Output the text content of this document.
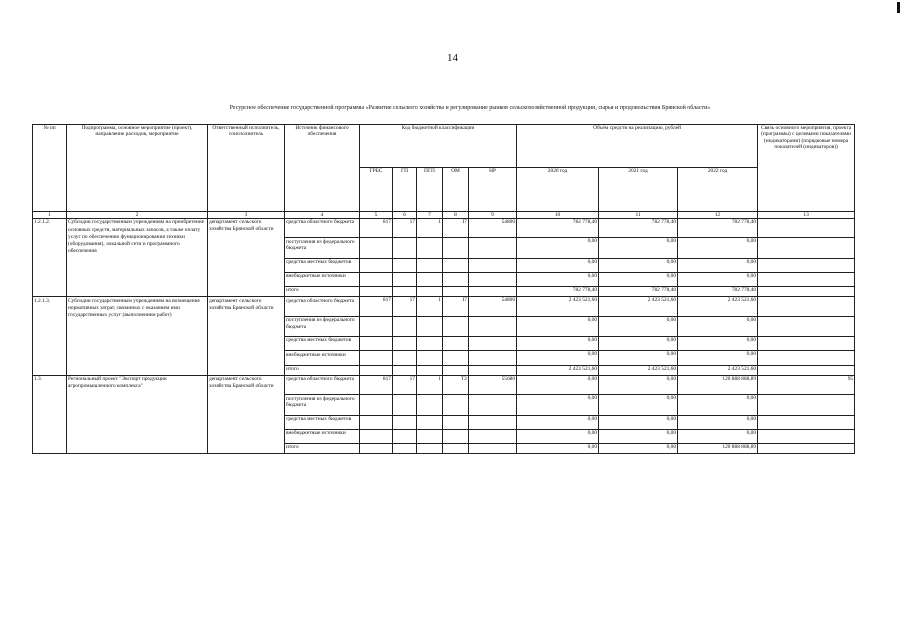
14
Ресурсное обеспечение государственной программы «Развитие сельского хозяйства и регулирование рынков сельскохозяйственной продукции, сырья и продовольствия Брянской области»
№ пп	Подпрограмма, основное мероприятие (проект), направление расходов, мероприятие	Ответственный исполнитель, соисполнитель	Источник финансового обеспечения	Код бюджетной классификации					Объём средств на реализацию, рублей			Связь основного мероприятия, проекта (программы) с целевыми показателями (индикаторами) (порядковые номера показателей (индикаторов))
				ГРБС	ГП	ПГП	ОМ	НР	2020 год	2021 год	2022 год	
1	2	3	4	5	6	7	8	9	10	11	12	13
1.2.1.2.	Субсидии государственным учреждениям на приобретение основных средств, материальных запасов, а также оплату услуг по обеспечению функционирования техники (оборудования), локальной сети и программного обеспечения	департамент сельского хозяйства Брянской области	средства областного бюджета	817	17	1	I7	54800	782 778,40	782 778,40	782 778,40	
			поступления из федерального бюджета						0,00	0,00	0,00	
			средства местных бюджетов						0,00	0,00	0,00	
			внебюджетные источники						0,00	0,00	0,00	
			итого						782 778,40	782 778,40	782 778,40	
1.2.1.3.	Субсидии государственным учреждениям на возмещение нормативных затрат, связанных с оказанием ими государственных услуг (выполнением работ)	департамент сельского хозяйства Брянской области	средства областного бюджета	817	17	1	I7	54800	2 423 521,60	2 423 521,60	2 423 521,60	
			поступления из федерального бюджета						0,00	0,00	0,00	
			средства местных бюджетов						0,00	0,00	0,00	
			внебюджетные источники						0,00	0,00	0,00	
			итого						2 423 521,60	2 423 521,60	2 423 521,60	
1.3.	Региональный проект "Экспорт продукции агропромышленного комплекса"	департамент сельского хозяйства Брянской области	средства областного бюджета	817	17	1	T2	55680	0,00	0,00	120 888 888,89	95
			поступления из федерального бюджета						0,00	0,00	0,00	
			средства местных бюджетов						0,00	0,00	0,00	
			внебюджетные источники						0,00	0,00	0,00	
			итого						0,00	0,00	120 888 888,89	
